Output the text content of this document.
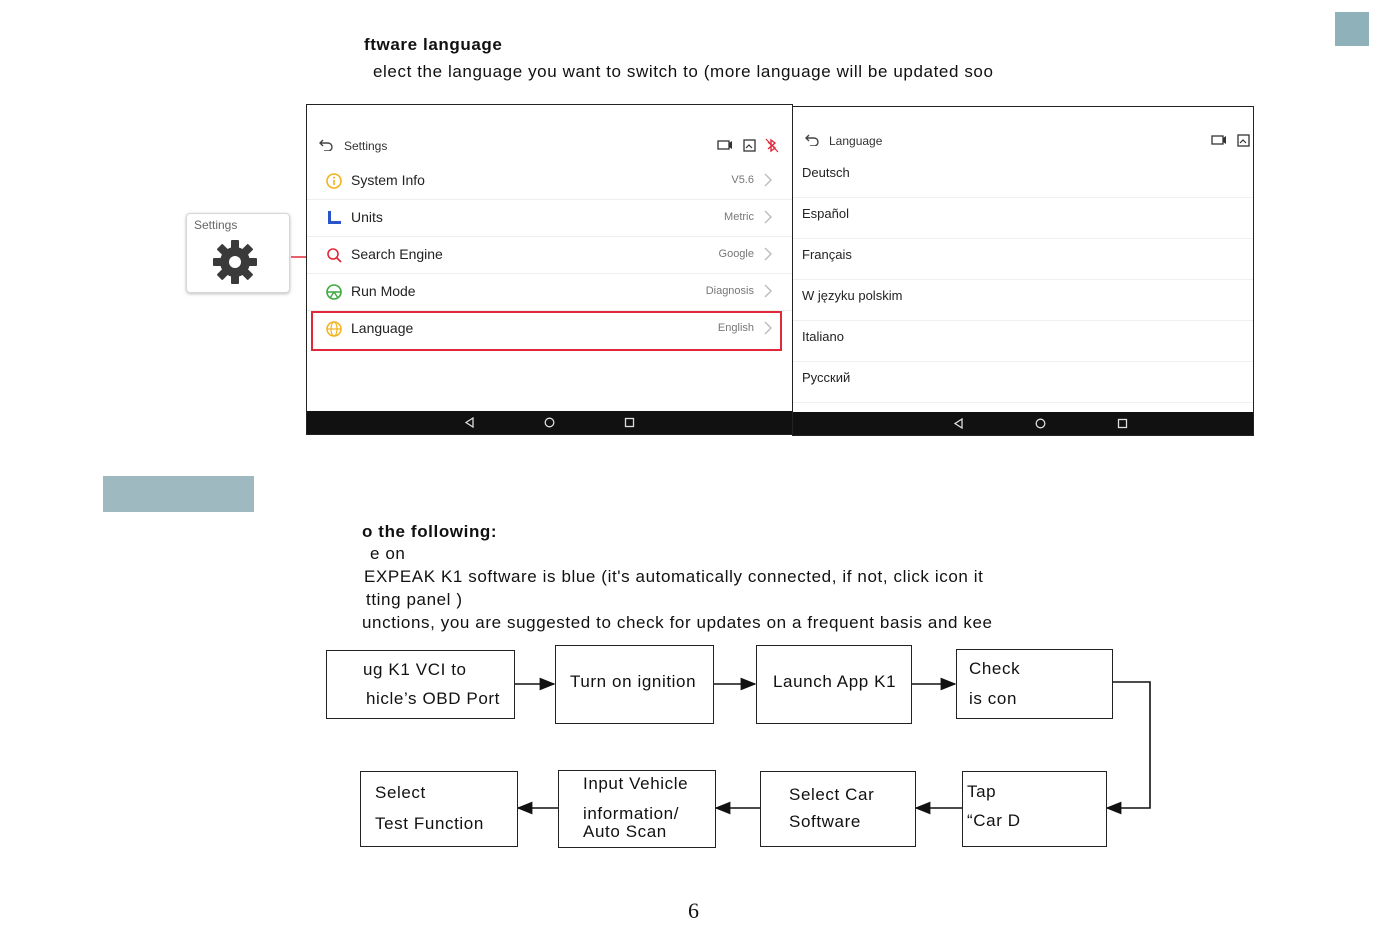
ftware language
elect the language you want to switch to (more language will be updated soo
Settings
Settings
System Info	V5.6
Units	Metric
Search Engine	Google
Run Mode	Diagnosis
Language	English
Language
Deutsch
Español
Français
W języku polskim
Italiano
Русский
o the following:
e on
EXPEAK K1 software is blue (it's automatically connected, if not, click icon it
tting panel )
unctions, you are suggested to check for updates on a frequent basis and kee
ug K1 VCI to
hicle’s OBD Port
Turn on ignition	Launch App K1
Check
is con
Tap
“Car D
Select Car
Software
Input Vehicle
information/
Auto Scan
Select
Test Function
6
